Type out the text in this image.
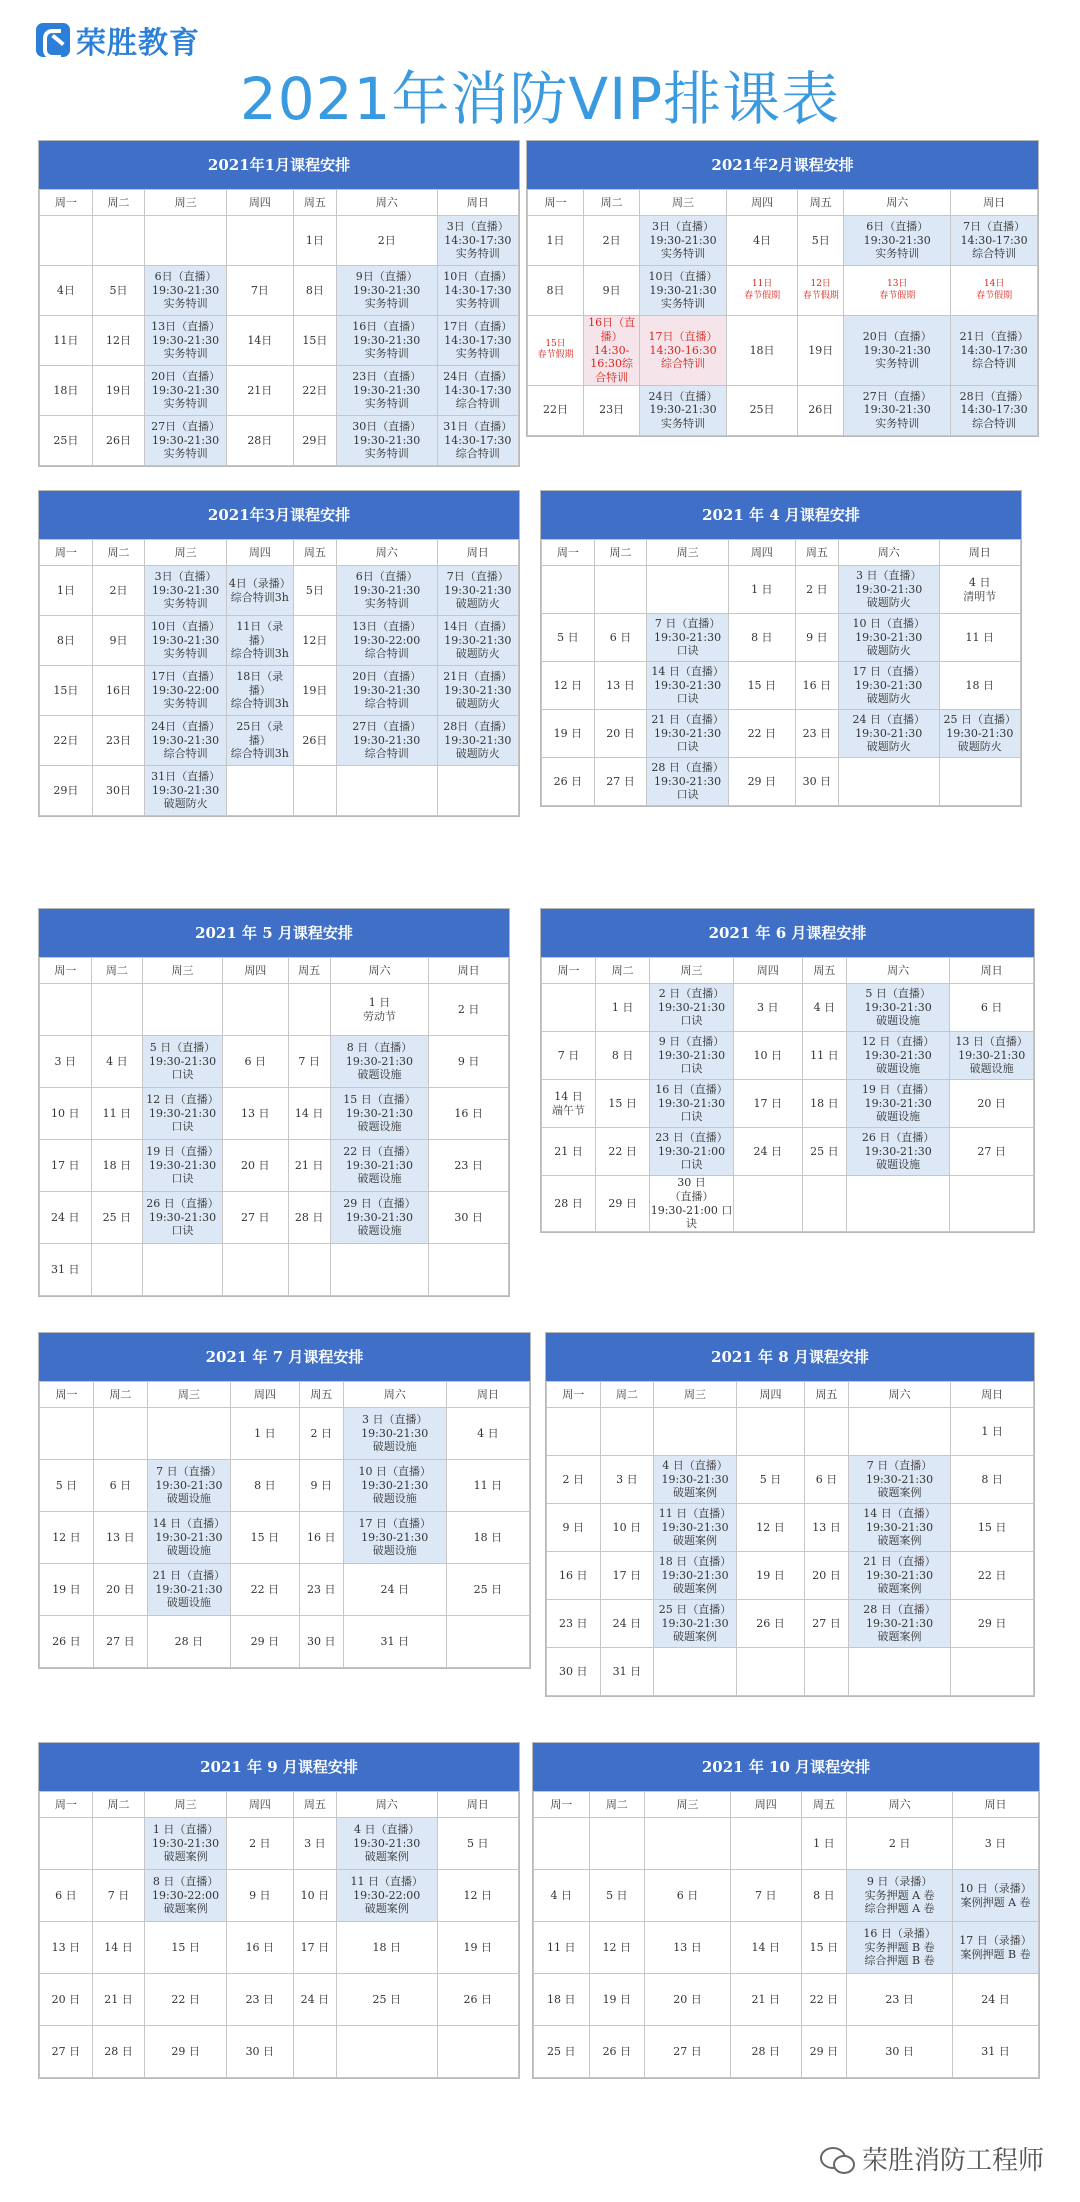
荣胜教育
2021年消防VIP排课表
2021年1月课程安排
周一	周二	周三	周四	周五	周六	周日

				1日	2日	3日（直播）
14:30-17:30
实务特训

4日	5日	6日（直播）
19:30-21:30
实务特训	7日	8日	9日（直播）
19:30-21:30
实务特训	10日（直播）
14:30-17:30
实务特训

11日	12日	13日（直播）
19:30-21:30
实务特训	14日	15日	16日（直播）
19:30-21:30
实务特训	17日（直播）
14:30-17:30
实务特训

18日	19日	20日（直播）
19:30-21:30
实务特训	21日	22日	23日（直播）
19:30-21:30
实务特训	24日（直播）
14:30-17:30
综合特训

25日	26日	27日（直播）
19:30-21:30
实务特训	28日	29日	30日（直播）
19:30-21:30
实务特训	31日（直播）
14:30-17:30
综合特训
2021年2月课程安排
周一	周二	周三	周四	周五	周六	周日

1日	2日	3日（直播）
19:30-21:30
实务特训	4日	5日	6日（直播）
19:30-21:30
实务特训	7日（直播）
14:30-17:30
综合特训

8日	9日	10日（直播）
19:30-21:30
实务特训	11日
春节假期	12日
春节假期	13日
春节假期	14日
春节假期

15日
春节假期	16日（直播）
14:30-16:30综
合特训	17日（直播）
14:30-16:30
综合特训	18日	19日	20日（直播）
19:30-21:30
实务特训	21日（直播）
14:30-17:30
综合特训

22日	23日	24日（直播）
19:30-21:30
实务特训	25日	26日	27日（直播）
19:30-21:30
实务特训	28日（直播）
14:30-17:30
综合特训
2021年3月课程安排
周一	周二	周三	周四	周五	周六	周日

1日	2日	3日（直播）
19:30-21:30
实务特训	4日（录播）
综合特训3h	5日	6日（直播）
19:30-21:30
实务特训	7日（直播）
19:30-21:30
破题防火

8日	9日	10日（直播）
19:30-21:30
实务特训	11日（录播）
综合特训3h	12日	13日（直播）
19:30-22:00
综合特训	14日（直播）
19:30-21:30
破题防火

15日	16日	17日（直播）
19:30-22:00
实务特训	18日（录播）
综合特训3h	19日	20日（直播）
19:30-21:30
综合特训	21日（直播）
19:30-21:30
破题防火

22日	23日	24日（直播）
19:30-21:30
综合特训	25日（录播）
综合特训3h	26日	27日（直播）
19:30-21:30
综合特训	28日（直播）
19:30-21:30
破题防火

29日	30日	31日（直播）
19:30-21:30
破题防火				

2021 年 4 月课程安排
周一	周二	周三	周四	周五	周六	周日

			1 日	2 日	3 日（直播）
19:30-21:30
破题防火	4 日
清明节

5 日	6 日	7 日（直播）
19:30-21:30
口诀	8 日	9 日	10 日（直播）
19:30-21:30
破题防火	11 日

12 日	13 日	14 日（直播）
19:30-21:30
口诀	15 日	16 日	17 日（直播）
19:30-21:30
破题防火	18 日

19 日	20 日	21 日（直播）
19:30-21:30
口诀	22 日	23 日	24 日（直播）
19:30-21:30
破题防火	25 日（直播）
19:30-21:30
破题防火

26 日	27 日	28 日（直播）
19:30-21:30
口诀	29 日	30 日		

2021 年 5 月课程安排
周一	周二	周三	周四	周五	周六	周日

					1 日
劳动节	2 日

3 日	4 日	5 日（直播）
19:30-21:30
口诀	6 日	7 日	8 日（直播）
19:30-21:30
破题设施	9 日

10 日	11 日	12 日（直播）
19:30-21:30
口诀	13 日	14 日	15 日（直播）
19:30-21:30
破题设施	16 日

17 日	18 日	19 日（直播）
19:30-21:30
口诀	20 日	21 日	22 日（直播）
19:30-21:30
破题设施	23 日

24 日	25 日	26 日（直播）
19:30-21:30
口诀	27 日	28 日	29 日（直播）
19:30-21:30
破题设施	30 日

31 日						

2021 年 6 月课程安排
周一	周二	周三	周四	周五	周六	周日

	1 日	2 日（直播）
19:30-21:30
口诀	3 日	4 日	5 日（直播）
19:30-21:30
破题设施	6 日

7 日	8 日	9 日（直播）
19:30-21:30
口诀	10 日	11 日	12 日（直播）
19:30-21:30
破题设施	13 日（直播）
19:30-21:30
破题设施

14 日
端午节	15 日	16 日（直播）
19:30-21:30
口诀	17 日	18 日	19 日（直播）
19:30-21:30
破题设施	20 日

21 日	22 日	23 日（直播）
19:30-21:00
口诀	24 日	25 日	26 日（直播）
19:30-21:30
破题设施	27 日

28 日	29 日	30 日
（直播）
19:30-21:00 口
诀				

2021 年 7 月课程安排
周一	周二	周三	周四	周五	周六	周日

			1 日	2 日	3 日（直播）
19:30-21:30
破题设施	4 日

5 日	6 日	7 日（直播）
19:30-21:30
破题设施	8 日	9 日	10 日（直播）
19:30-21:30
破题设施	11 日

12 日	13 日	14 日（直播）
19:30-21:30
破题设施	15 日	16 日	17 日（直播）
19:30-21:30
破题设施	18 日

19 日	20 日	21 日（直播）
19:30-21:30
破题设施	22 日	23 日	24 日	25 日

26 日	27 日	28 日	29 日	30 日	31 日	

2021 年 8 月课程安排
周一	周二	周三	周四	周五	周六	周日

						1 日

2 日	3 日	4 日（直播）
19:30-21:30
破题案例	5 日	6 日	7 日（直播）
19:30-21:30
破题案例	8 日

9 日	10 日	11 日（直播）
19:30-21:30
破题案例	12 日	13 日	14 日（直播）
19:30-21:30
破题案例	15 日

16 日	17 日	18 日（直播）
19:30-21:30
破题案例	19 日	20 日	21 日（直播）
19:30-21:30
破题案例	22 日

23 日	24 日	25 日（直播）
19:30-21:30
破题案例	26 日	27 日	28 日（直播）
19:30-21:30
破题案例	29 日

30 日	31 日					

2021 年 9 月课程安排
周一	周二	周三	周四	周五	周六	周日

		1 日（直播）
19:30-21:30
破题案例	2 日	3 日	4 日（直播）
19:30-21:30
破题案例	5 日

6 日	7 日	8 日（直播）
19:30-22:00
破题案例	9 日	10 日	11 日（直播）
19:30-22:00
破题案例	12 日

13 日	14 日	15 日	16 日	17 日	18 日	19 日

20 日	21 日	22 日	23 日	24 日	25 日	26 日

27 日	28 日	29 日	30 日			

2021 年 10 月课程安排
周一	周二	周三	周四	周五	周六	周日

				1 日	2 日	3 日

4 日	5 日	6 日	7 日	8 日	9 日（录播）
实务押题 A 卷
综合押题 A 卷	10 日（录播）
案例押题 A 卷

11 日	12 日	13 日	14 日	15 日	16 日（录播）
实务押题 B 卷
综合押题 B 卷	17 日（录播）
案例押题 B 卷

18 日	19 日	20 日	21 日	22 日	23 日	24 日

25 日	26 日	27 日	28 日	29 日	30 日	31 日
荣胜消防工程师
